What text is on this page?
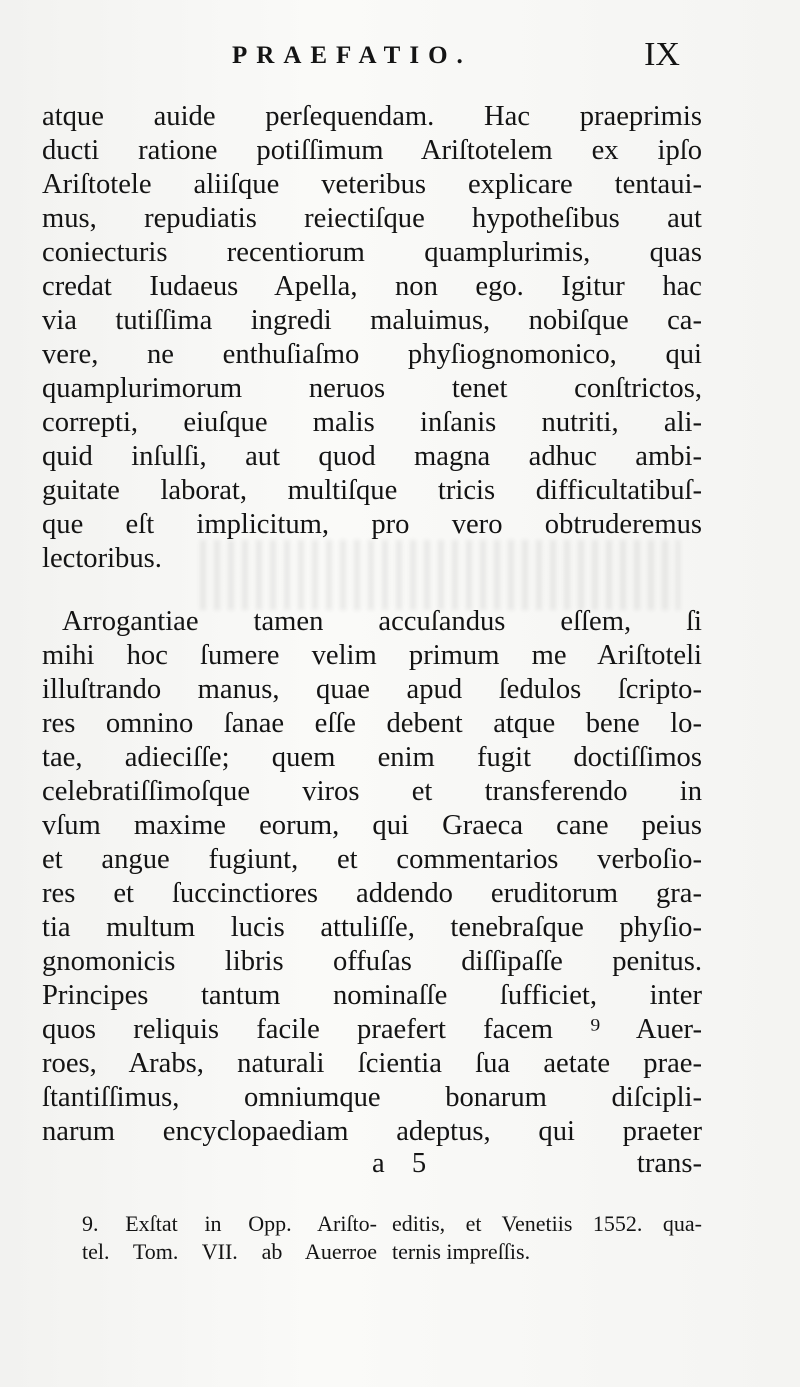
PRAEFATIO.	IX
atque auide perſequendam. Hac praeprimis
ducti ratione potiſſimum Ariſtotelem ex ipſo
Ariſtotele aliiſque veteribus explicare tentaui-
mus, repudiatis reiectiſque hypotheſibus aut
coniecturis recentiorum quamplurimis, quas
credat Iudaeus Apella, non ego. Igitur hac
via tutiſſima ingredi maluimus, nobiſque ca-
vere, ne enthuſiaſmo phyſiognomonico, qui
quamplurimorum neruos tenet conſtrictos,
correpti, eiuſque malis inſanis nutriti, ali-
quid inſulſi, aut quod magna adhuc ambi-
guitate laborat, multiſque tricis difficultatibuſ-
que eſt implicitum, pro vero obtruderemus
lectoribus.
Arrogantiae tamen accuſandus eſſem, ſi
mihi hoc ſumere velim primum me Ariſtoteli
illuſtrando manus, quae apud ſedulos ſcripto-
res omnino ſanae eſſe debent atque bene lo-
tae, adieciſſe; quem enim fugit doctiſſimos
celebratiſſimoſque viros et transferendo in
vſum maxime eorum, qui Graeca cane peius
et angue fugiunt, et commentarios verboſio-
res et ſuccinctiores addendo eruditorum gra-
tia multum lucis attuliſſe, tenebraſque phyſio-
gnomonicis libris offuſas diſſipaſſe penitus.
Principes tantum nominaſſe ſufficiet, inter
quos reliquis facile praefert facem ⁹ Auer-
roes, Arabs, naturali ſcientia ſua aetate prae-
ſtantiſſimus, omniumque bonarum diſcipli-
narum encyclopaediam adeptus, qui praeter
a 5	trans-
9. Exſtat in Opp. Ariſto-
tel. Tom. VII. ab Auerroe
editis, et Venetiis 1552. qua-
ternis impreſſis.
